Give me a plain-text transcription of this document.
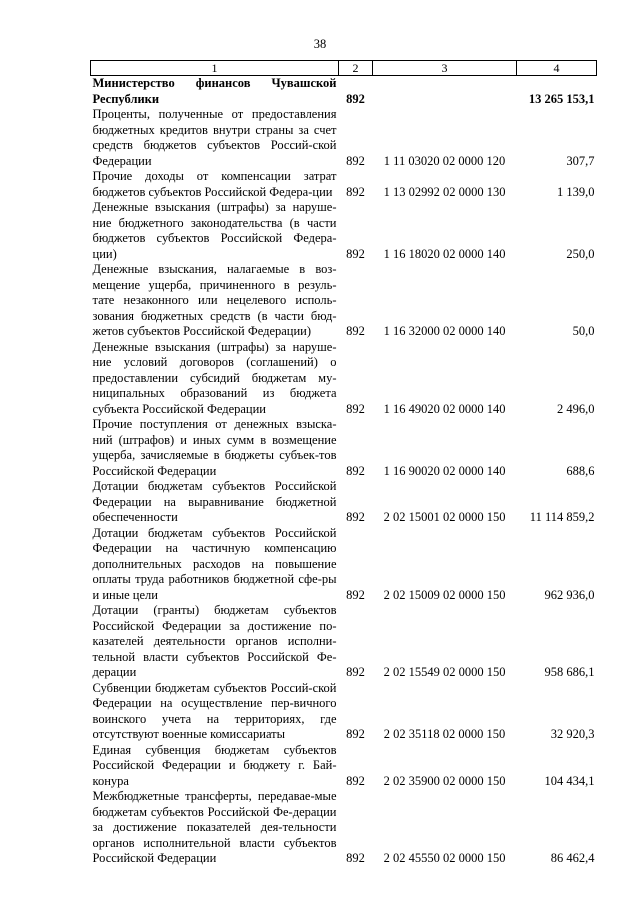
38
1	2	3	4
Министерство финансов Чувашской Республики	892		13 265 153,1
Проценты, полученные от предоставления бюджетных кредитов внутри страны за счет средств бюджетов субъектов Россий-ской Федерации	892	1 11 03020 02 0000 120	307,7
Прочие доходы от компенсации затрат бюджетов субъектов Российской Федера-ции	892	1 13 02992 02 0000 130	1 139,0
Денежные взыскания (штрафы) за наруше-ние бюджетного законодательства (в части бюджетов субъектов Российской Федера-ции)	892	1 16 18020 02 0000 140	250,0
Денежные взыскания, налагаемые в воз-мещение ущерба, причиненного в резуль-тате незаконного или нецелевого исполь-зования бюджетных средств (в части бюд-жетов субъектов Российской Федерации)	892	1 16 32000 02 0000 140	50,0
Денежные взыскания (штрафы) за наруше-ние условий договоров (соглашений) о предоставлении субсидий бюджетам му-ниципальных образований из бюджета субъекта Российской Федерации	892	1 16 49020 02 0000 140	2 496,0
Прочие поступления от денежных взыска-ний (штрафов) и иных сумм в возмещение ущерба, зачисляемые в бюджеты субъек-тов Российской Федерации	892	1 16 90020 02 0000 140	688,6
Дотации бюджетам субъектов Российской Федерации на выравнивание бюджетной обеспеченности	892	2 02 15001 02 0000 150	11 114 859,2
Дотации бюджетам субъектов Российской Федерации на частичную компенсацию дополнительных расходов на повышение оплаты труда работников бюджетной сфе-ры и иные цели	892	2 02 15009 02 0000 150	962 936,0
Дотации (гранты) бюджетам субъектов Российской Федерации за достижение по-казателей деятельности органов исполни-тельной власти субъектов Российской Фе-дерации	892	2 02 15549 02 0000 150	958 686,1
Субвенции бюджетам субъектов Россий-ской Федерации на осуществление пер-вичного воинского учета на территориях, где отсутствуют военные комиссариаты	892	2 02 35118 02 0000 150	32 920,3
Единая субвенция бюджетам субъектов Российской Федерации и бюджету г. Бай-конура	892	2 02 35900 02 0000 150	104 434,1
Межбюджетные трансферты, передавае-мые бюджетам субъектов Российской Фе-дерации за достижение показателей дея-тельности органов исполнительной власти субъектов Российской Федерации	892	2 02 45550 02 0000 150	86 462,4
